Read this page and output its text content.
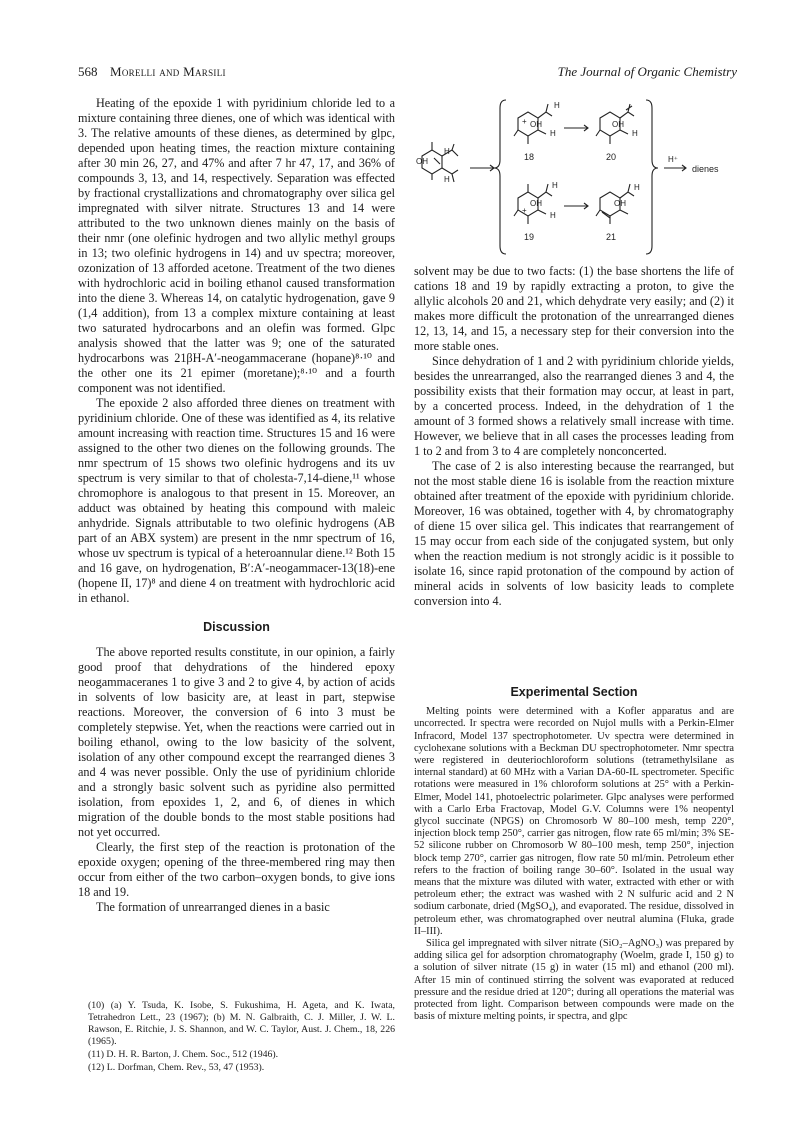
568 Morelli and Marsili	The Journal of Organic Chemistry

Heating of the epoxide 1 with pyridinium chloride led to a mixture containing three dienes, one of which was identical with 3. The relative amounts of these dienes, as determined by glpc, depended upon heating times, the reaction mixture containing after 30 min 26, 27, and 47% and after 7 hr 47, 17, and 36% of compounds 3, 13, and 14, respectively. Separation was effected by fractional crystallizations and chromatography over silica gel impregnated with silver nitrate. Structures 13 and 14 were attributed to the two unknown dienes mainly on the basis of their nmr (one olefinic hydrogen and two allylic methyl groups in 13; two olefinic hydrogens in 14) and uv spectra; moreover, ozonization of 13 afforded acetone. Treatment of the two dienes with hydrochloric acid in boiling ethanol caused transformation into the diene 3. Whereas 14, on catalytic hydrogenation, gave 9 (1,4 addition), from 13 a complex mixture containing at least two saturated hydrocarbons and an olefin was formed. Glpc analysis showed that the latter was 9; one of the saturated hydrocarbons was 21βH-A′-neogammacerane (hopane)⁸·¹⁰ and the other one its 21 epimer (moretane);⁸·¹⁰ and a fourth component was not identified.

The epoxide 2 also afforded three dienes on treatment with pyridinium chloride. One of these was identified as 4, its relative amount increasing with reaction time. Structures 15 and 16 were assigned to the other two dienes on the following grounds. The nmr spectrum of 15 shows two olefinic hydrogens and its uv spectrum is very similar to that of cholesta-7,14-diene,¹¹ whose chromophore is analogous to that present in 15. Moreover, an adduct was obtained by heating this compound with maleic anhydride. Signals attributable to two olefinic hydrogens (AB part of an ABX system) are present in the nmr spectrum of 16, whose uv spectrum is typical of a heteroannular diene.¹² Both 15 and 16 gave, on hydrogenation, B′:A′-neogammacer-13(18)-ene (hopene II, 17)⁸ and diene 4 on treatment with hydrochloric acid in ethanol.

Discussion

The above reported results constitute, in our opinion, a fairly good proof that dehydrations of the hindered epoxy neogammaceranes 1 to give 3 and 2 to give 4, by action of acids in solvents of low basicity are, at least in part, stepwise reactions. Moreover, the conversion of 6 into 3 must be completely stepwise. Yet, when the reactions were carried out in boiling ethanol, owing to the low basicity of the solvent, isolation of any other compound except the rearranged dienes 3 and 4 was never possible. Only the use of pyridinium chloride and a strongly basic solvent such as pyridine also permitted isolation, from epoxides 1, 2, and 6, of dienes in which migration of the double bonds to the most stable positions had not yet occurred.

Clearly, the first step of the reaction is protonation of the epoxide oxygen; opening of the three-membered ring may then occur from either of the two carbon–oxygen bonds, to give ions 18 and 19.

The formation of unrearranged dienes in a basic

(10) (a) Y. Tsuda, K. Isobe, S. Fukushima, H. Ageta, and K. Iwata, Tetrahedron Lett., 23 (1967); (b) M. N. Galbraith, C. J. Miller, J. W. L. Rawson, E. Ritchie, J. S. Shannon, and W. C. Taylor, Aust. J. Chem., 18, 226 (1965).

(11) D. H. R. Barton, J. Chem. Soc., 512 (1946).

(12) L. Dorfman, Chem. Rev., 53, 47 (1953).

H
OH
H
H
+ OH
H
18
OH
H
20
H
OH
+
H
19
H
OH
21
H⁺
dienes

solvent may be due to two facts: (1) the base shortens the life of cations 18 and 19 by rapidly extracting a proton, to give the allylic alcohols 20 and 21, which dehydrate very easily; and (2) it makes more difficult the protonation of the unrearranged dienes 12, 13, 14, and 15, a necessary step for their conversion into the more stable ones.

Since dehydration of 1 and 2 with pyridinium chloride yields, besides the unrearranged, also the rearranged dienes 3 and 4, the possibility exists that their formation may occur, at least in part, by a concerted process. Indeed, in the dehydration of 1 the amount of 3 formed shows a relatively small increase with time. However, we believe that in all cases the processes leading from 1 to 2 and from 3 to 4 are completely nonconcerted.

The case of 2 is also interesting because the rearranged, but not the most stable diene 16 is isolable from the reaction mixture obtained after treatment of the epoxide with pyridinium chloride. Moreover, 16 was obtained, together with 4, by chromatography of diene 15 over silica gel. This indicates that rearrangement of 15 may occur from each side of the conjugated system, but only when the reaction medium is not strongly acidic is it possible to isolate 16, since rapid protonation of the compound by action of mineral acids in solvents of low basicity leads to complete conversion into 4.

Experimental Section

Melting points were determined with a Kofler apparatus and are uncorrected. Ir spectra were recorded on Nujol mulls with a Perkin-Elmer Infracord, Model 137 spectrophotometer. Uv spectra were determined in cyclohexane solutions with a Beckman DU spectrophotometer. Nmr spectra were registered in deuteriochloroform solutions (tetramethylsilane as internal standard) at 60 MHz with a Varian DA-60-IL spectrometer. Specific rotations were measured in 1% chloroform solutions at 25° with a Perkin-Elmer, Model 141, photoelectric polarimeter. Glpc analyses were performed with a Carlo Erba Fractovap, Model G.V. Columns were 1% neopentyl glycol succinate (NPGS) on Chromosorb W 80–100 mesh, temp 220°, injection block temp 250°, carrier gas nitrogen, flow rate 65 ml/min; 3% SE-52 silicone rubber on Chromosorb W 80–100 mesh, temp 250°, injection block temp 270°, carrier gas nitrogen, flow rate 50 ml/min. Petroleum ether refers to the fraction of boiling range 30–60°. Isolated in the usual way means that the mixture was diluted with water, extracted with ether or with petroleum ether; the extract was washed with 2 N sulfuric acid and 2 N sodium carbonate, dried (MgSO₄), and evaporated. The residue, dissolved in petroleum ether, was chromatographed over neutral alumina (Fluka, grade II–III).

Silica gel impregnated with silver nitrate (SiO₂–AgNO₃) was prepared by adding silica gel for adsorption chromatography (Woelm, grade I, 150 g) to a solution of silver nitrate (15 g) in water (15 ml) and ethanol (200 ml). After 15 min of continued stirring the solvent was evaporated at reduced pressure and the residue dried at 120°; during all operations the material was protected from light. Comparison between compounds were made on the basis of mixture melting points, ir spectra, and glpc
